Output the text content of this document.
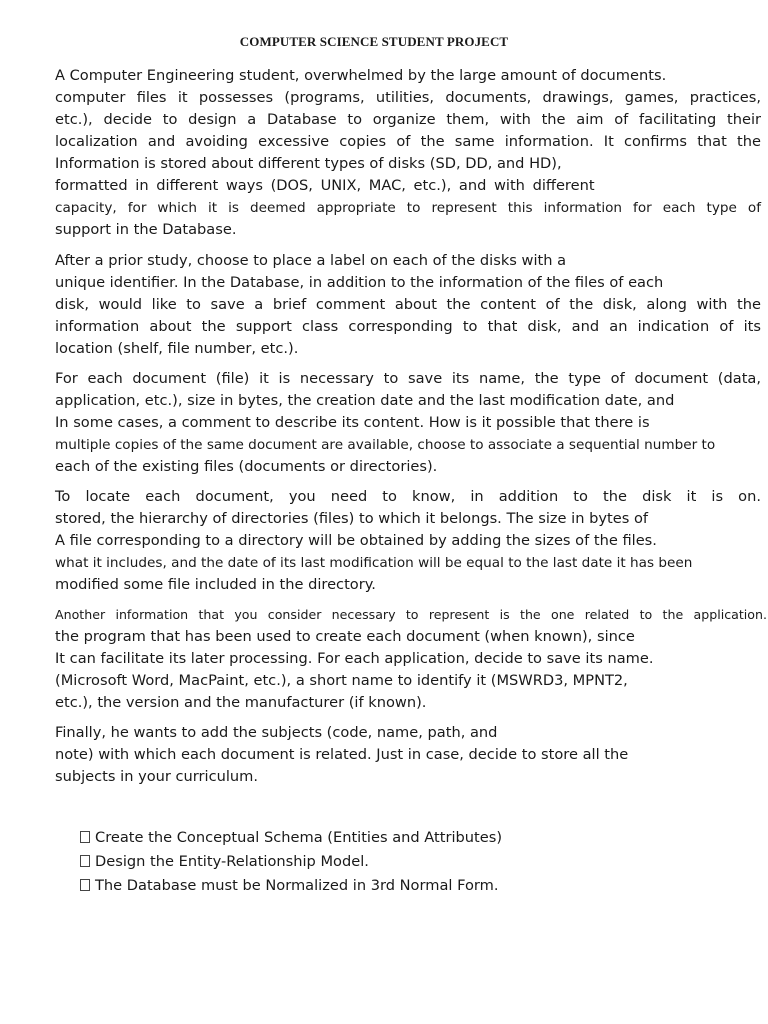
COMPUTER SCIENCE STUDENT PROJECT
A Computer Engineering student, overwhelmed by the large amount of documents.
computer files it possesses (programs, utilities, documents, drawings, games, practices,
etc.), decide to design a Database to organize them, with the aim of facilitating their
localization and avoiding excessive copies of the same information. It confirms that the
Information is stored about different types of disks (SD, DD, and HD),
formatted in different ways (DOS, UNIX, MAC, etc.), and with different
capacity, for which it is deemed appropriate to represent this information for each type of
support in the Database.
After a prior study, choose to place a label on each of the disks with a
unique identifier. In the Database, in addition to the information of the files of each
disk, would like to save a brief comment about the content of the disk, along with the
information about the support class corresponding to that disk, and an indication of its
location (shelf, file number, etc.).
For each document (file) it is necessary to save its name, the type of document (data,
application, etc.), size in bytes, the creation date and the last modification date, and
In some cases, a comment to describe its content. How is it possible that there is
multiple copies of the same document are available, choose to associate a sequential number to
each of the existing files (documents or directories).
To locate each document, you need to know, in addition to the disk it is on.
stored, the hierarchy of directories (files) to which it belongs. The size in bytes of
A file corresponding to a directory will be obtained by adding the sizes of the files.
what it includes, and the date of its last modification will be equal to the last date it has been
modified some file included in the directory.
Another information that you consider necessary to represent is the one related to the application.
the program that has been used to create each document (when known), since
It can facilitate its later processing. For each application, decide to save its name.
(Microsoft Word, MacPaint, etc.), a short name to identify it (MSWRD3, MPNT2,
etc.), the version and the manufacturer (if known).
Finally, he wants to add the subjects (code, name, path, and
note) with which each document is related. Just in case, decide to store all the
subjects in your curriculum.
Create the Conceptual Schema (Entities and Attributes)
Design the Entity-Relationship Model.
The Database must be Normalized in 3rd Normal Form.
